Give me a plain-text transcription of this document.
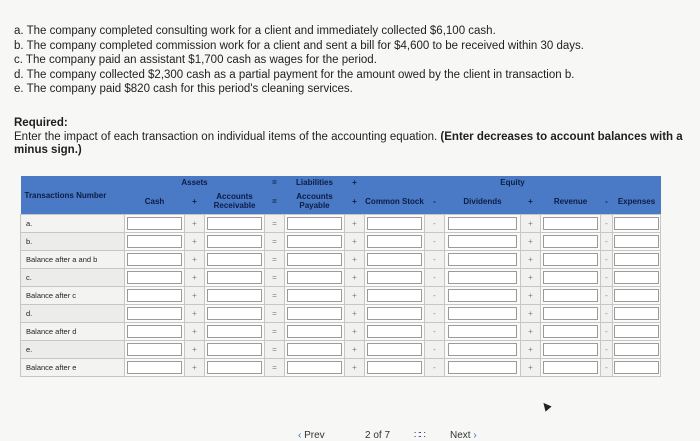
a. The company completed consulting work for a client and immediately collected $6,100 cash.
b. The company completed commission work for a client and sent a bill for $4,600 to be received within 30 days.
c. The company paid an assistant $1,700 cash as wages for the period.
d. The company collected $2,300 cash as a partial payment for the amount owed by the client in transaction b.
e. The company paid $820 cash for this period's cleaning services.
Required:
Enter the impact of each transaction on individual items of the accounting equation. (Enter decreases to account balances with a minus sign.)
Transactions Number	Assets			=	Liabilities	+	Equity						
	Cash	+	Accounts Receivable	=	Accounts Payable	+	Common Stock	-	Dividends	+	Revenue	-	Expenses
a.		+		=		+		-		+		-	

b.		+		=		+		-		+		-	

Balance after a and b		+		=		+		-		+		-	

c.		+		=		+		-		+		-	

Balance after c		+		=		+		-		+		-	

d.		+		=		+		-		+		-	

Balance after d		+		=		+		-		+		-	

e.		+		=		+		-		+		-	

Balance after e		+		=		+		-		+		-	
‹ Prev	2 of 7 ∷∷	Next ›
